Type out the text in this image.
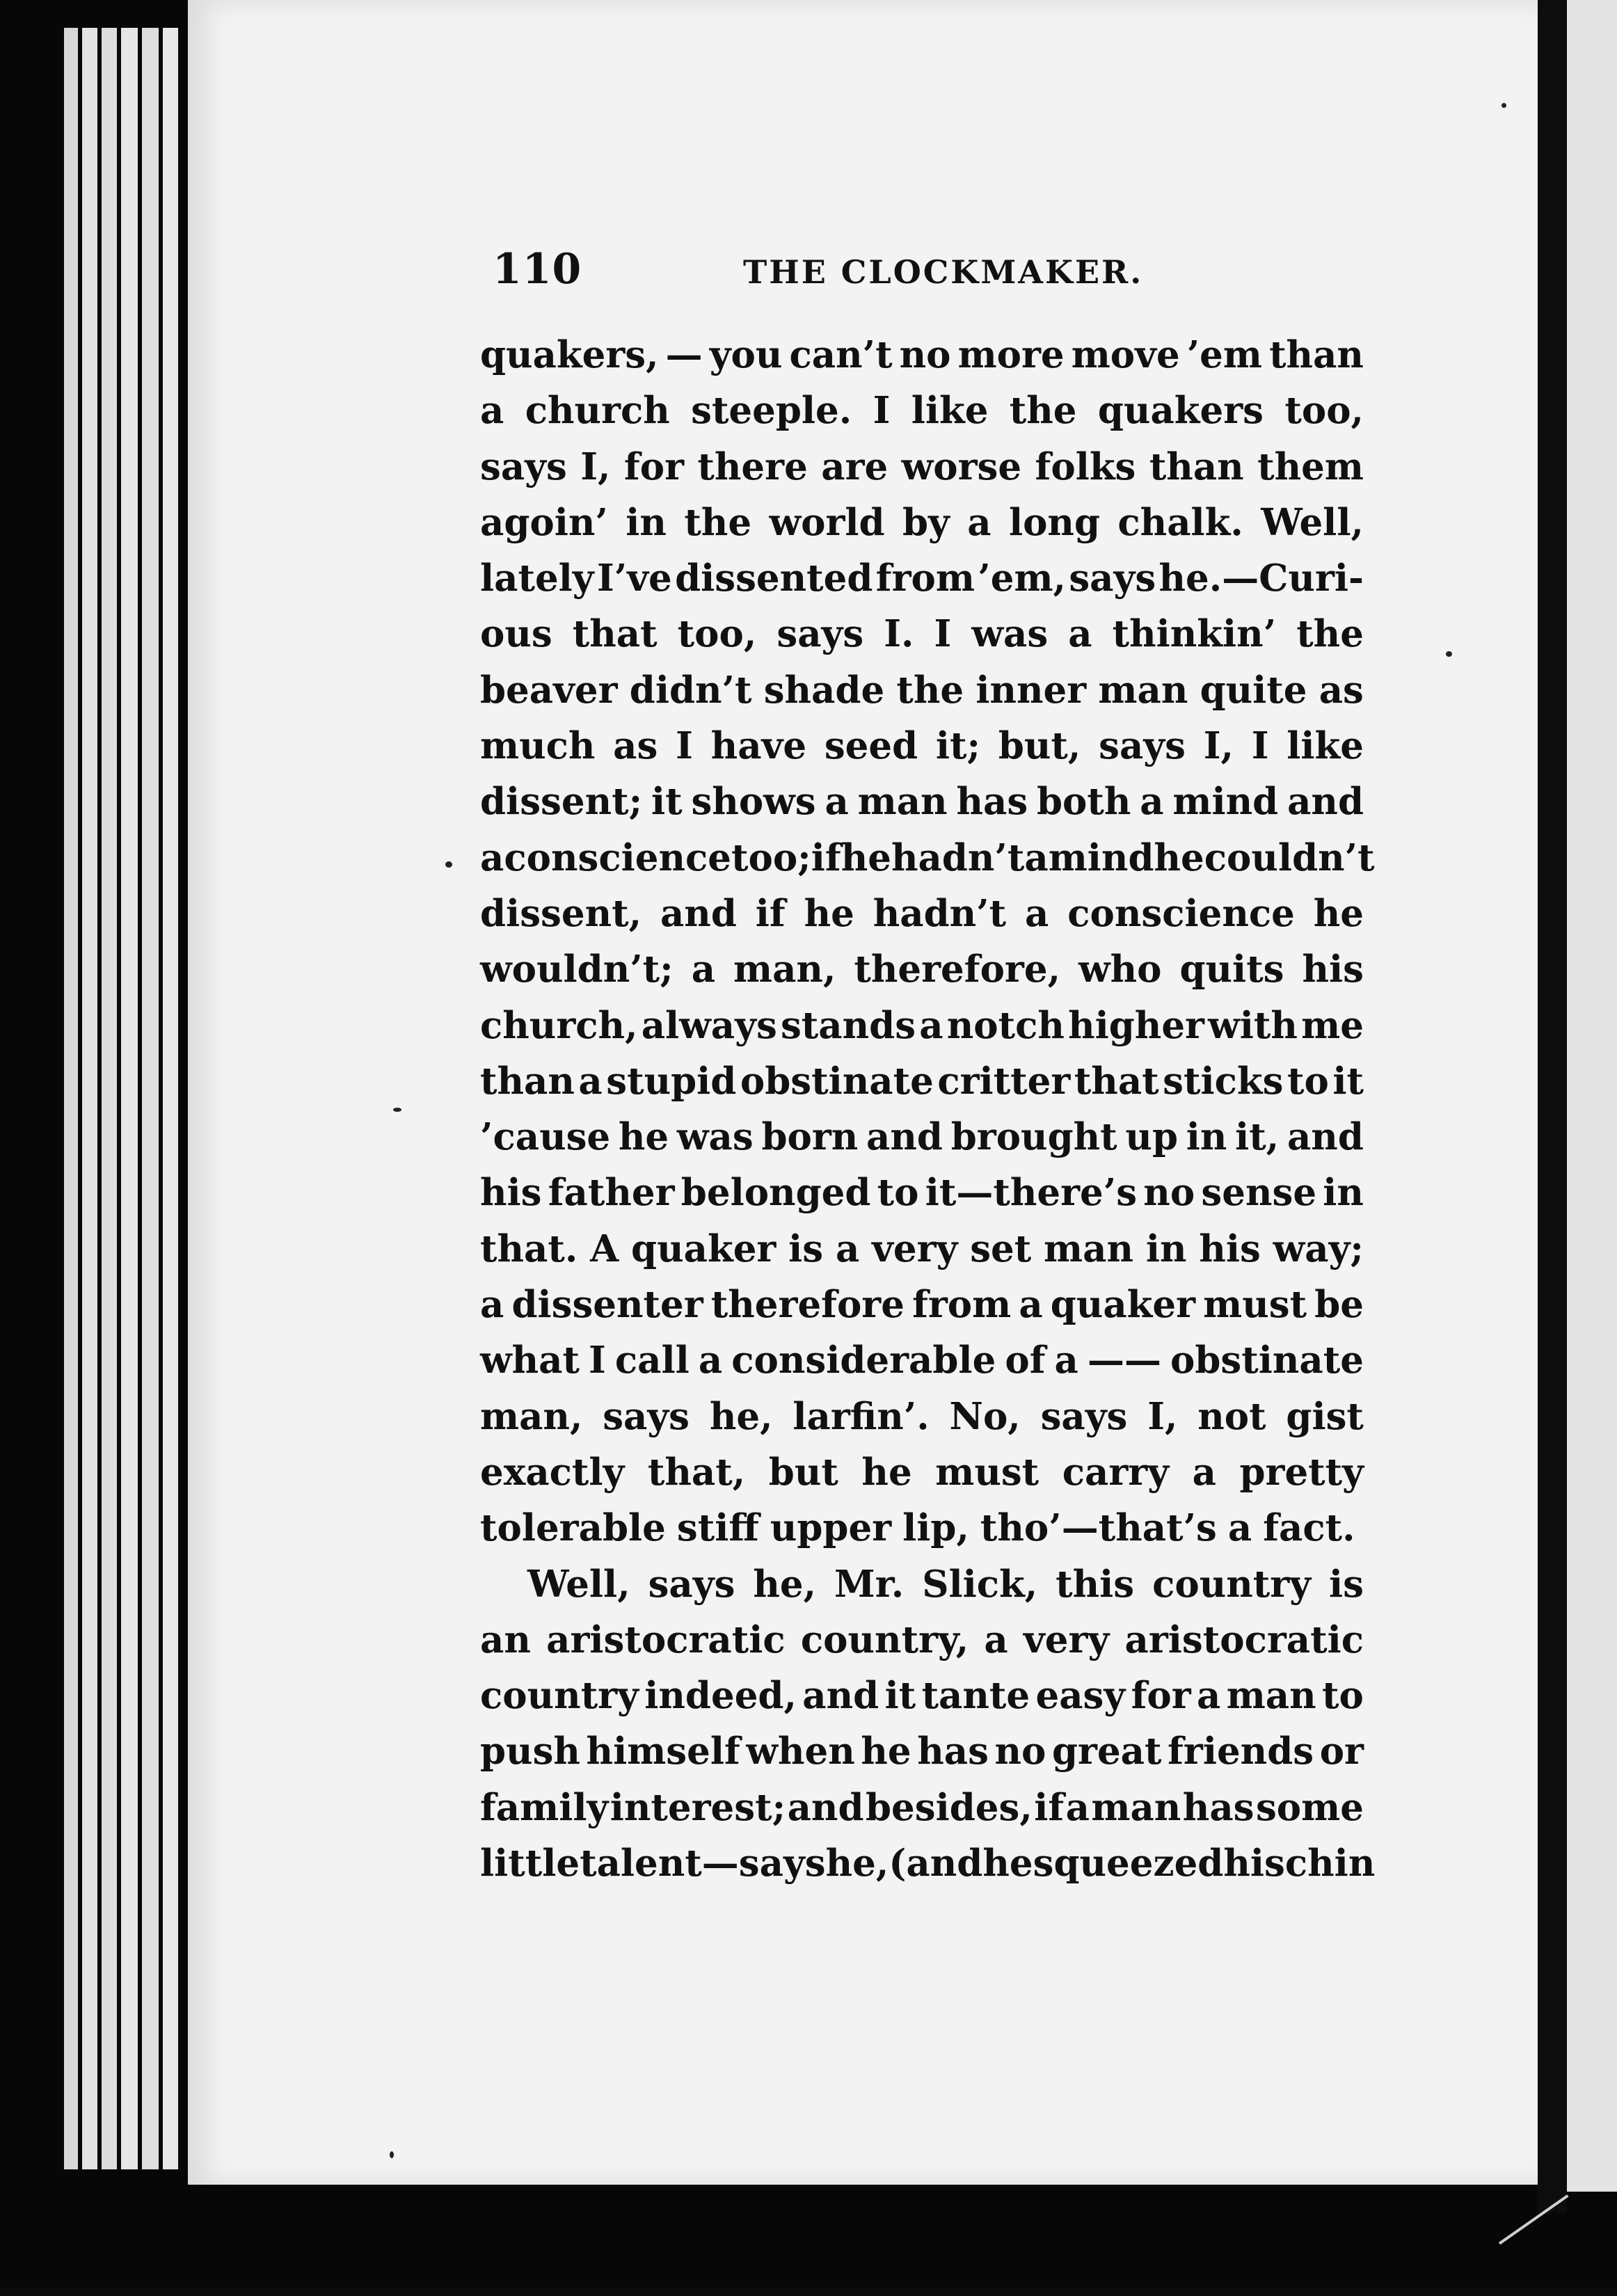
110	THE CLOCKMAKER.
quakers, — you can’t no more move ’em than
a church steeple. I like the quakers too,
says I, for there are worse folks than them
agoin’ in the world by a long chalk. Well,
lately I’ve dissented from ’em, says he.—Curi-
ous that too, says I. I was a thinkin’ the
beaver didn’t shade the inner man quite as
much as I have seed it; but, says I, I like
dissent; it shows a man has both a mind and
a conscience too; if he hadn’t a mind he couldn’t
dissent, and if he hadn’t a conscience he
wouldn’t; a man, therefore, who quits his
church, always stands a notch higher with me
than a stupid obstinate critter that sticks to it
’cause he was born and brought up in it, and
his father belonged to it—there’s no sense in
that. A quaker is a very set man in his way;
a dissenter therefore from a quaker must be
what I call a considerable of a —— obstinate
man, says he, larfin’. No, says I, not gist
exactly that, but he must carry a pretty
tolerable stiff upper lip, tho’—that’s a fact.
Well, says he, Mr. Slick, this country is
an aristocratic country, a very aristocratic
country indeed, and it tante easy for a man to
push himself when he has no great friends or
family interest; and besides, if a man has some
little talent—says he, (and he squeezed his chin
